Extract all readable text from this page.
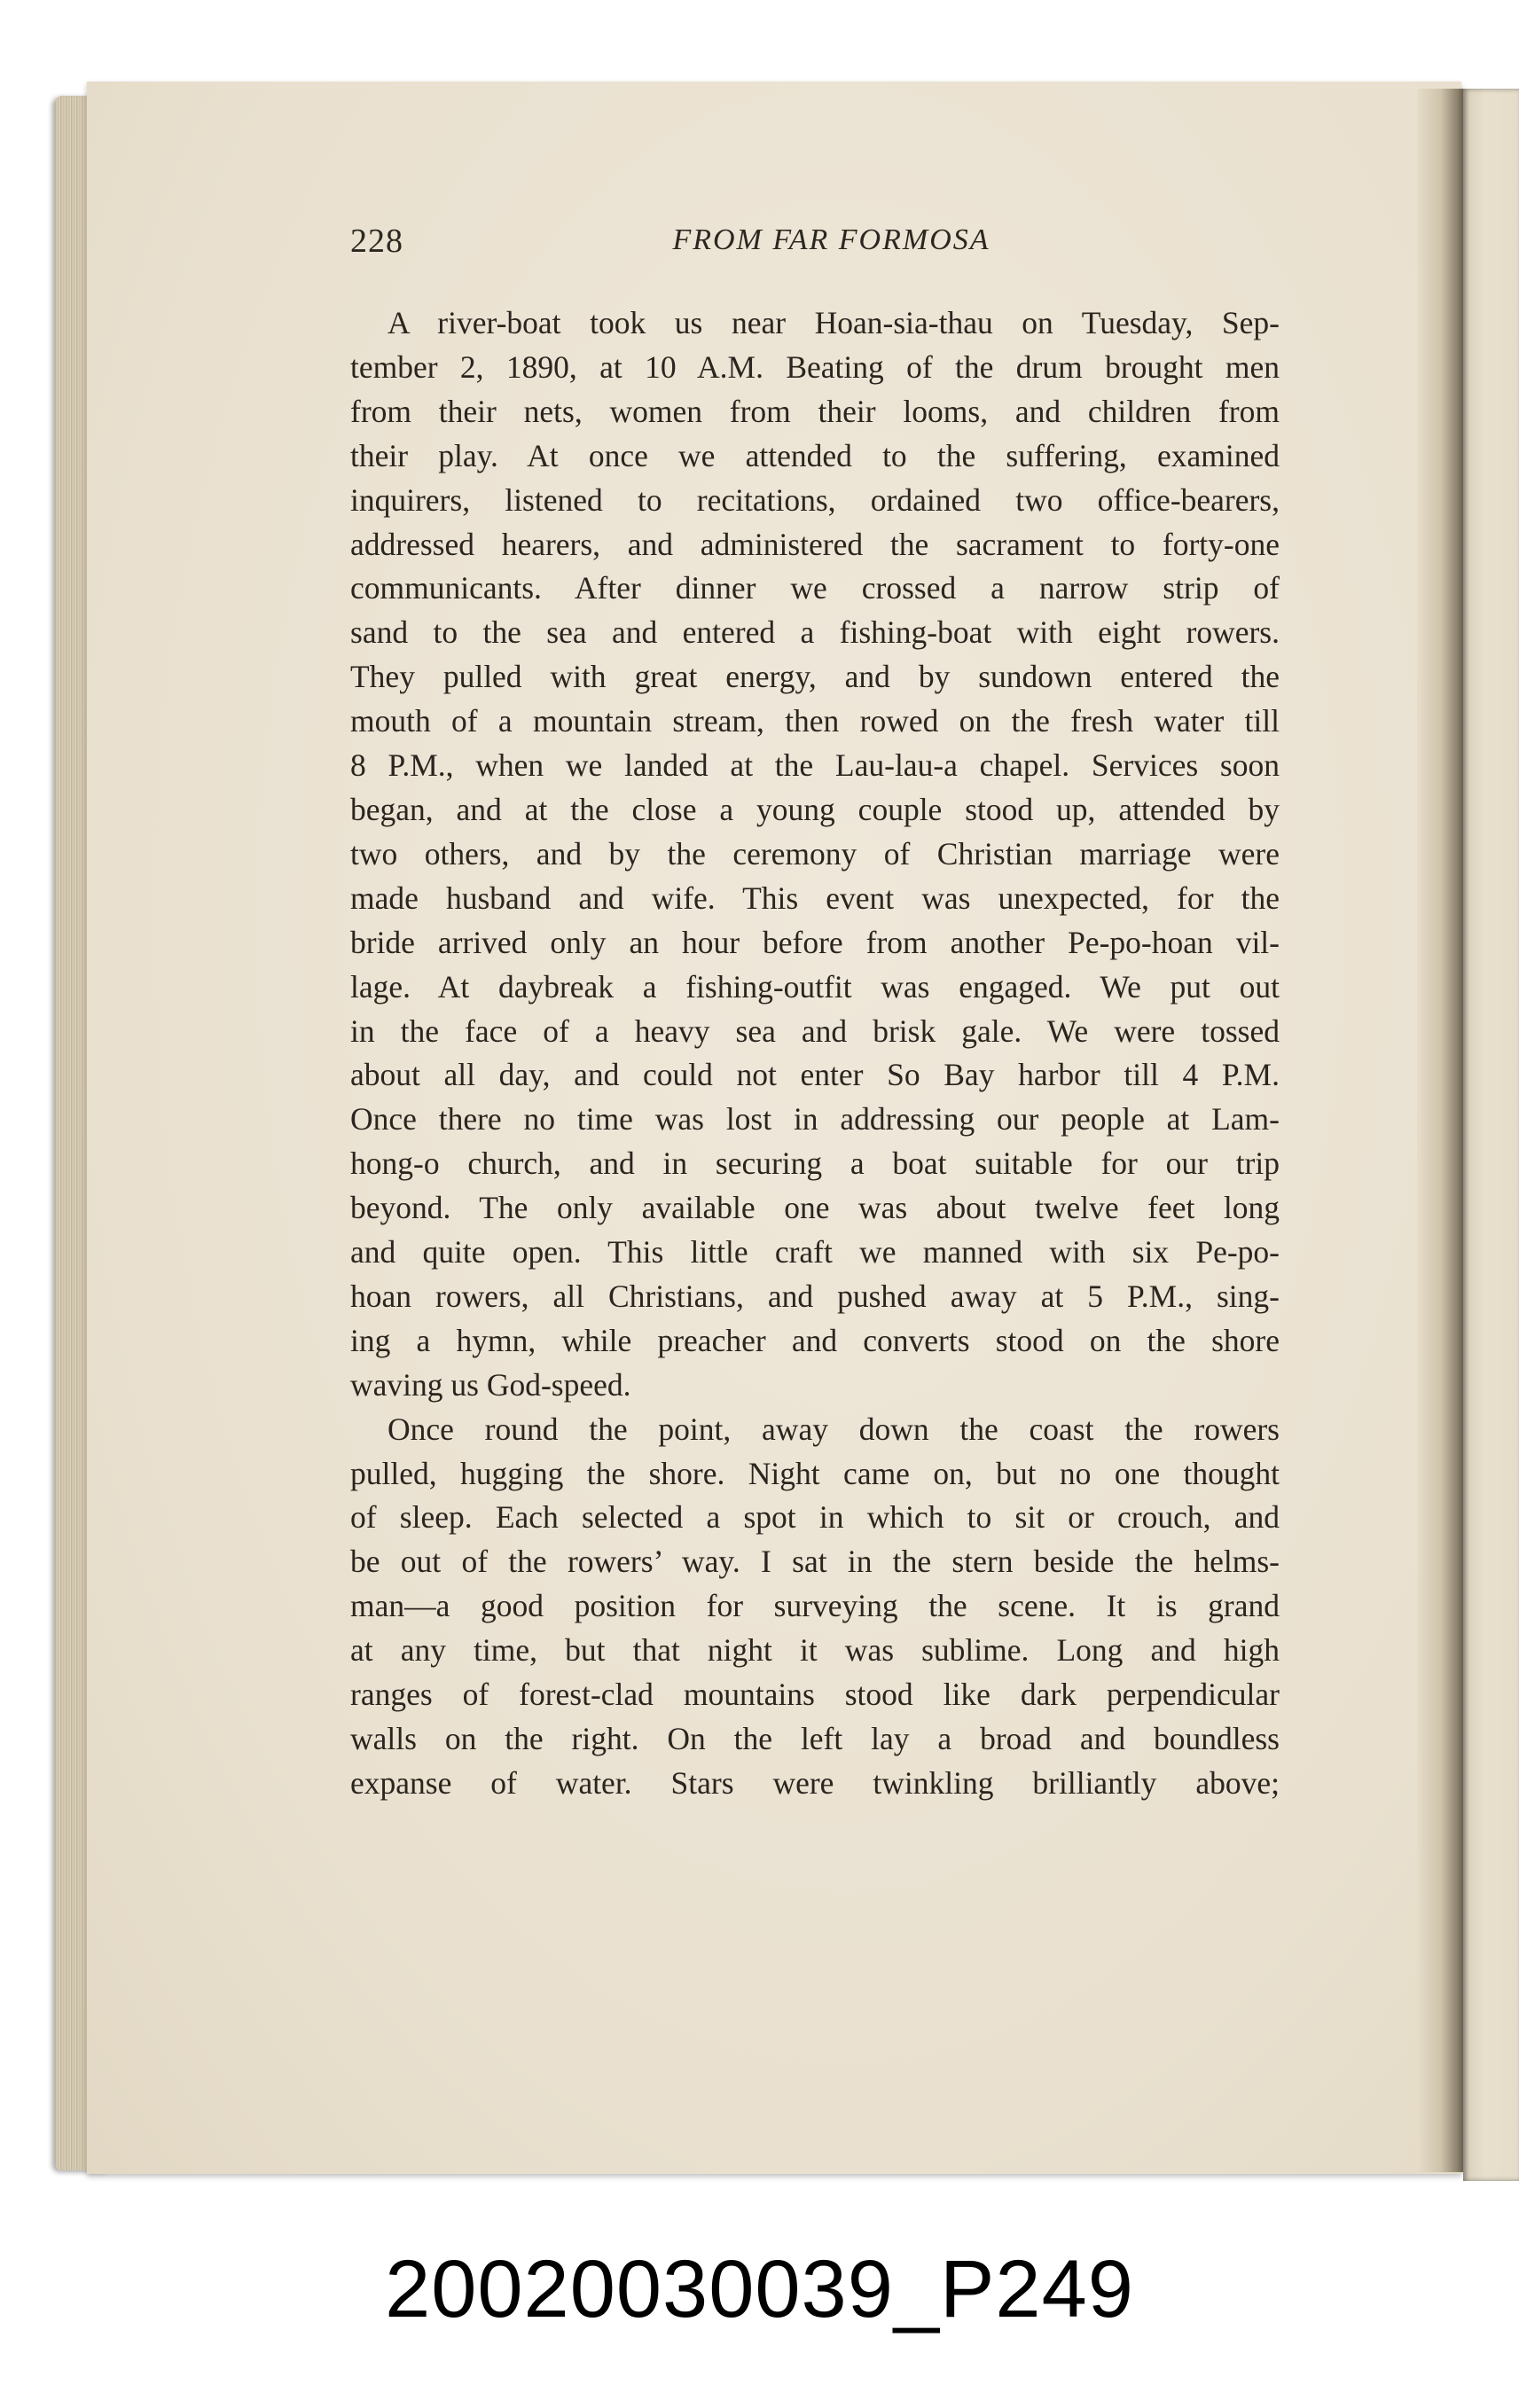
228	FROM FAR FORMOSA

A river-boat took us near Hoan-sia-thau on Tuesday, Sep-
tember 2, 1890, at 10 A.M. Beating of the drum brought men
from their nets, women from their looms, and children from
their play. At once we attended to the suffering, examined
inquirers, listened to recitations, ordained two office-bearers,
addressed hearers, and administered the sacrament to forty-one
communicants. After dinner we crossed a narrow strip of
sand to the sea and entered a fishing-boat with eight rowers.
They pulled with great energy, and by sundown entered the
mouth of a mountain stream, then rowed on the fresh water till
8 P.M., when we landed at the Lau-lau-a chapel. Services soon
began, and at the close a young couple stood up, attended by
two others, and by the ceremony of Christian marriage were
made husband and wife. This event was unexpected, for the
bride arrived only an hour before from another Pe-po-hoan vil-
lage. At daybreak a fishing-outfit was engaged. We put out
in the face of a heavy sea and brisk gale. We were tossed
about all day, and could not enter So Bay harbor till 4 P.M.
Once there no time was lost in addressing our people at Lam-
hong-o church, and in securing a boat suitable for our trip
beyond. The only available one was about twelve feet long
and quite open. This little craft we manned with six Pe-po-
hoan rowers, all Christians, and pushed away at 5 P.M., sing-
ing a hymn, while preacher and converts stood on the shore
waving us God-speed.

Once round the point, away down the coast the rowers
pulled, hugging the shore. Night came on, but no one thought
of sleep. Each selected a spot in which to sit or crouch, and
be out of the rowers’ way. I sat in the stern beside the helms-
man—a good position for surveying the scene. It is grand
at any time, but that night it was sublime. Long and high
ranges of forest-clad mountains stood like dark perpendicular
walls on the right. On the left lay a broad and boundless
expanse of water. Stars were twinkling brilliantly above;

20020030039_P249
